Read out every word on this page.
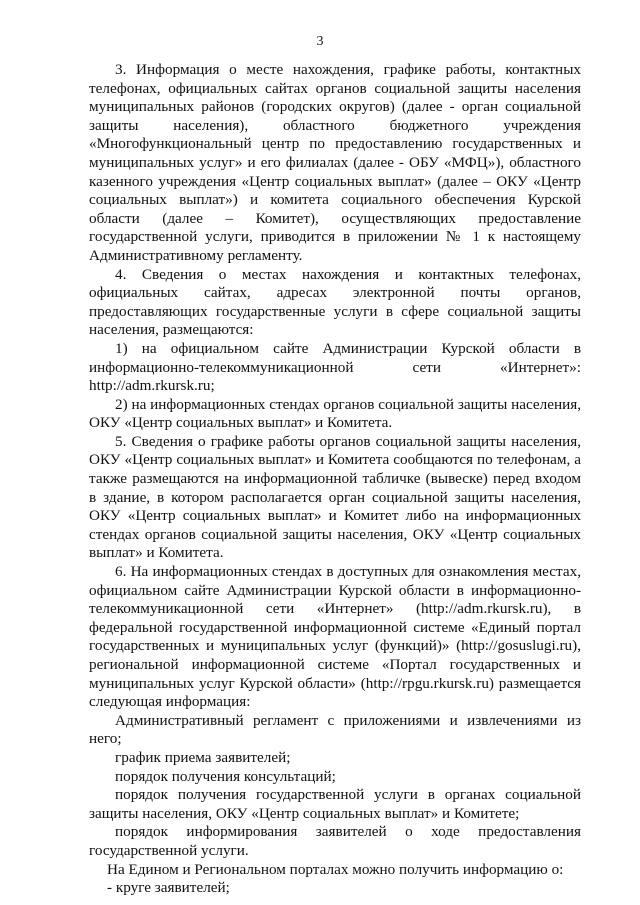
3

3. Информация о месте нахождения, графике работы, контактных телефонах, официальных сайтах органов социальной защиты населения муниципальных районов (городских округов) (далее - орган социальной защиты населения), областного бюджетного учреждения «Многофункциональный центр по предоставлению государственных и муниципальных услуг» и его филиалах (далее - ОБУ «МФЦ»), областного казенного учреждения «Центр социальных выплат» (далее – ОКУ «Центр социальных выплат») и комитета социального обеспечения Курской области (далее – Комитет), осуществляющих предоставление государственной услуги, приводится в приложении № 1 к настоящему Административному регламенту.

4. Сведения о местах нахождения и контактных телефонах, официальных сайтах, адресах электронной почты органов, предоставляющих государственные услуги в сфере социальной защиты населения, размещаются:

1) на официальном сайте Администрации Курской области в информационно-телекоммуникационной сети «Интернет»: http://adm.rkursk.ru;

2) на информационных стендах органов социальной защиты населения, ОКУ «Центр социальных выплат» и Комитета.

5. Сведения о графике работы органов социальной защиты населения, ОКУ «Центр социальных выплат» и Комитета сообщаются по телефонам, а также размещаются на информационной табличке (вывеске) перед входом в здание, в котором располагается орган социальной защиты населения, ОКУ «Центр социальных выплат» и Комитет либо на информационных стендах органов социальной защиты населения, ОКУ «Центр социальных выплат» и Комитета.

6. На информационных стендах в доступных для ознакомления местах, официальном сайте Администрации Курской области в информационно-телекоммуникационной сети «Интернет» (http://adm.rkursk.ru), в федеральной государственной информационной системе «Единый портал государственных и муниципальных услуг (функций)» (http://gosuslugi.ru), региональной информационной системе «Портал государственных и муниципальных услуг Курской области» (http://rpgu.rkursk.ru) размещается следующая информация:

Административный регламент с приложениями и извлечениями из него;

график приема заявителей;

порядок получения консультаций;

порядок получения государственной услуги в органах социальной защиты населения, ОКУ «Центр социальных выплат» и Комитете;

порядок информирования заявителей о ходе предоставления государственной услуги.

На Едином и Региональном порталах можно получить информацию о:

- круге заявителей;
